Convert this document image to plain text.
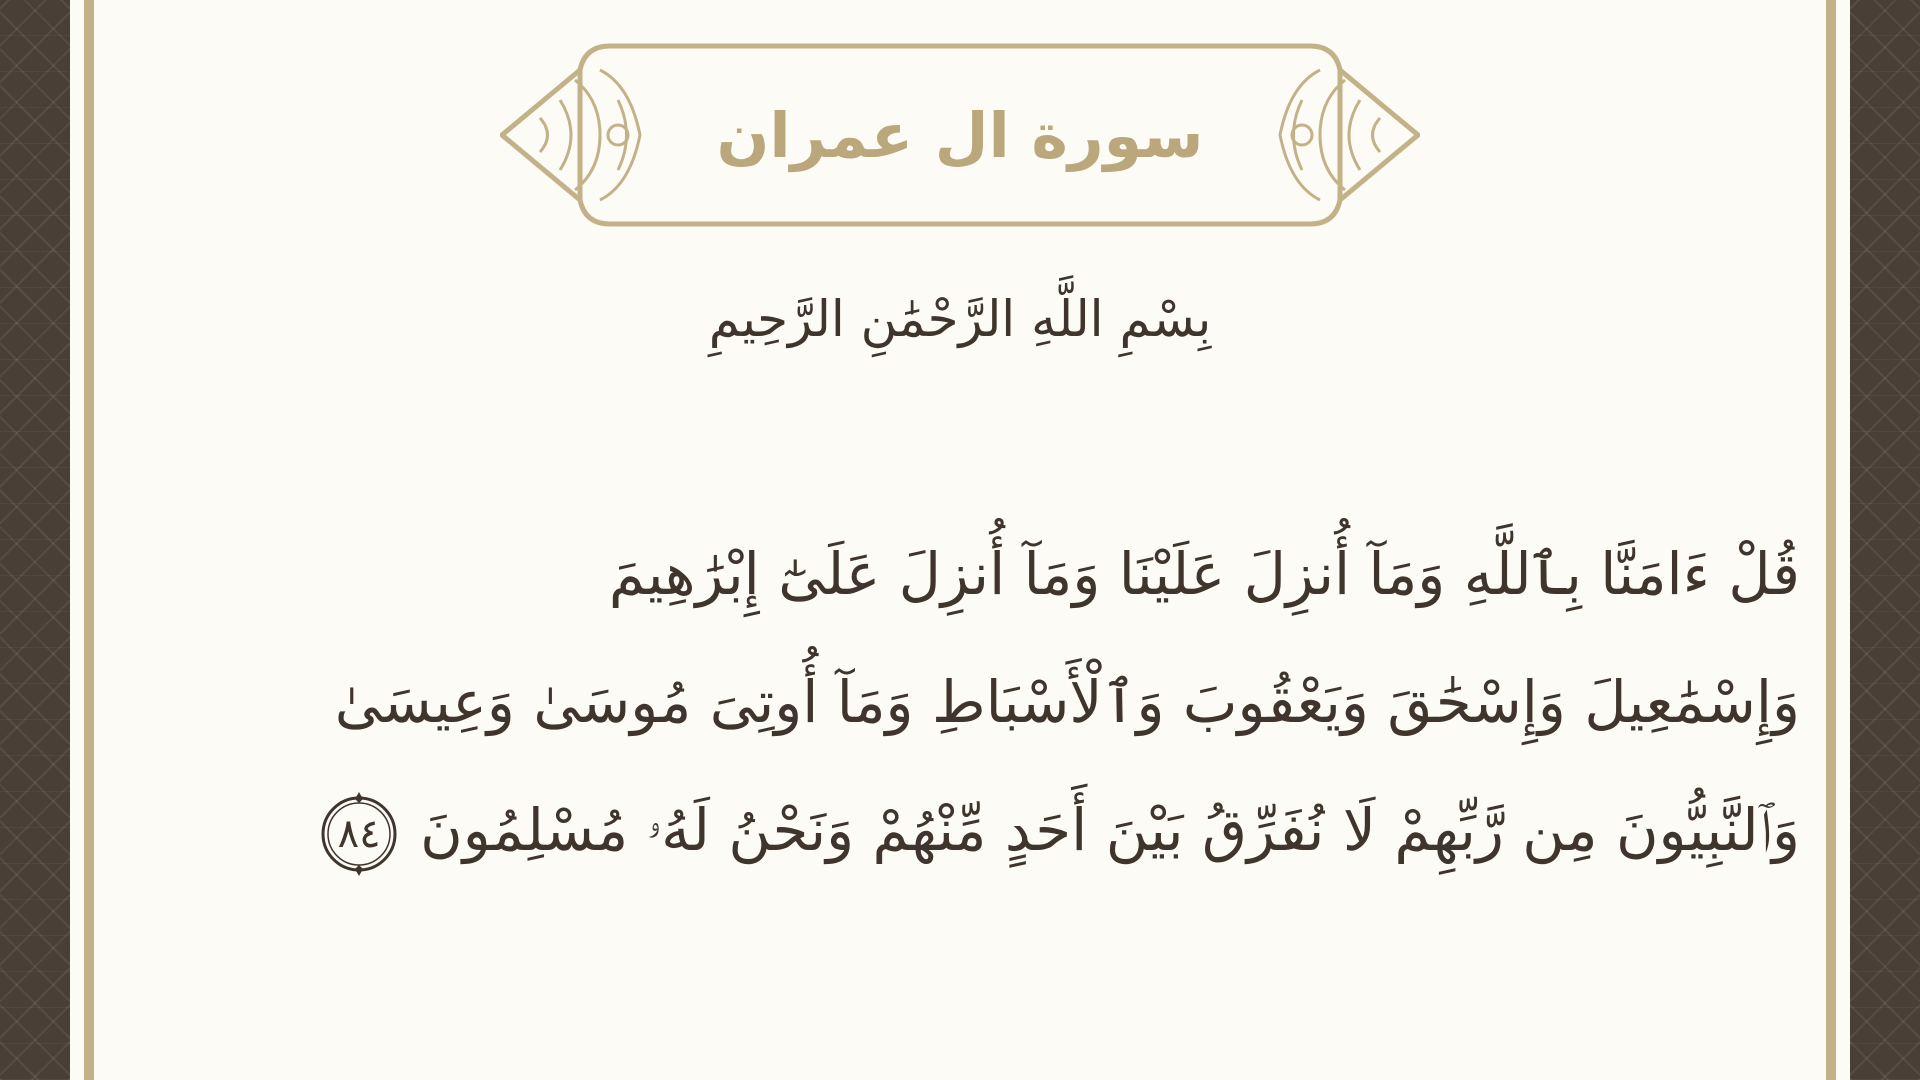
سورة ال عمران
بِسْمِ اللَّهِ الرَّحْمَٰنِ الرَّحِيمِ
قُلْ ءَامَنَّا بِٱللَّهِ وَمَآ أُنزِلَ عَلَيْنَا وَمَآ أُنزِلَ عَلَىٰٓ إِبْرَٰهِيمَ
وَإِسْمَٰعِيلَ وَإِسْحَٰقَ وَيَعْقُوبَ وَٱلْأَسْبَاطِ وَمَآ أُوتِىَ مُوسَىٰ وَعِيسَىٰ
وَٱلنَّبِيُّونَ مِن رَّبِّهِمْ لَا نُفَرِّقُ بَيْنَ أَحَدٍ مِّنْهُمْ وَنَحْنُ لَهُۥ مُسْلِمُونَ
٨٤
